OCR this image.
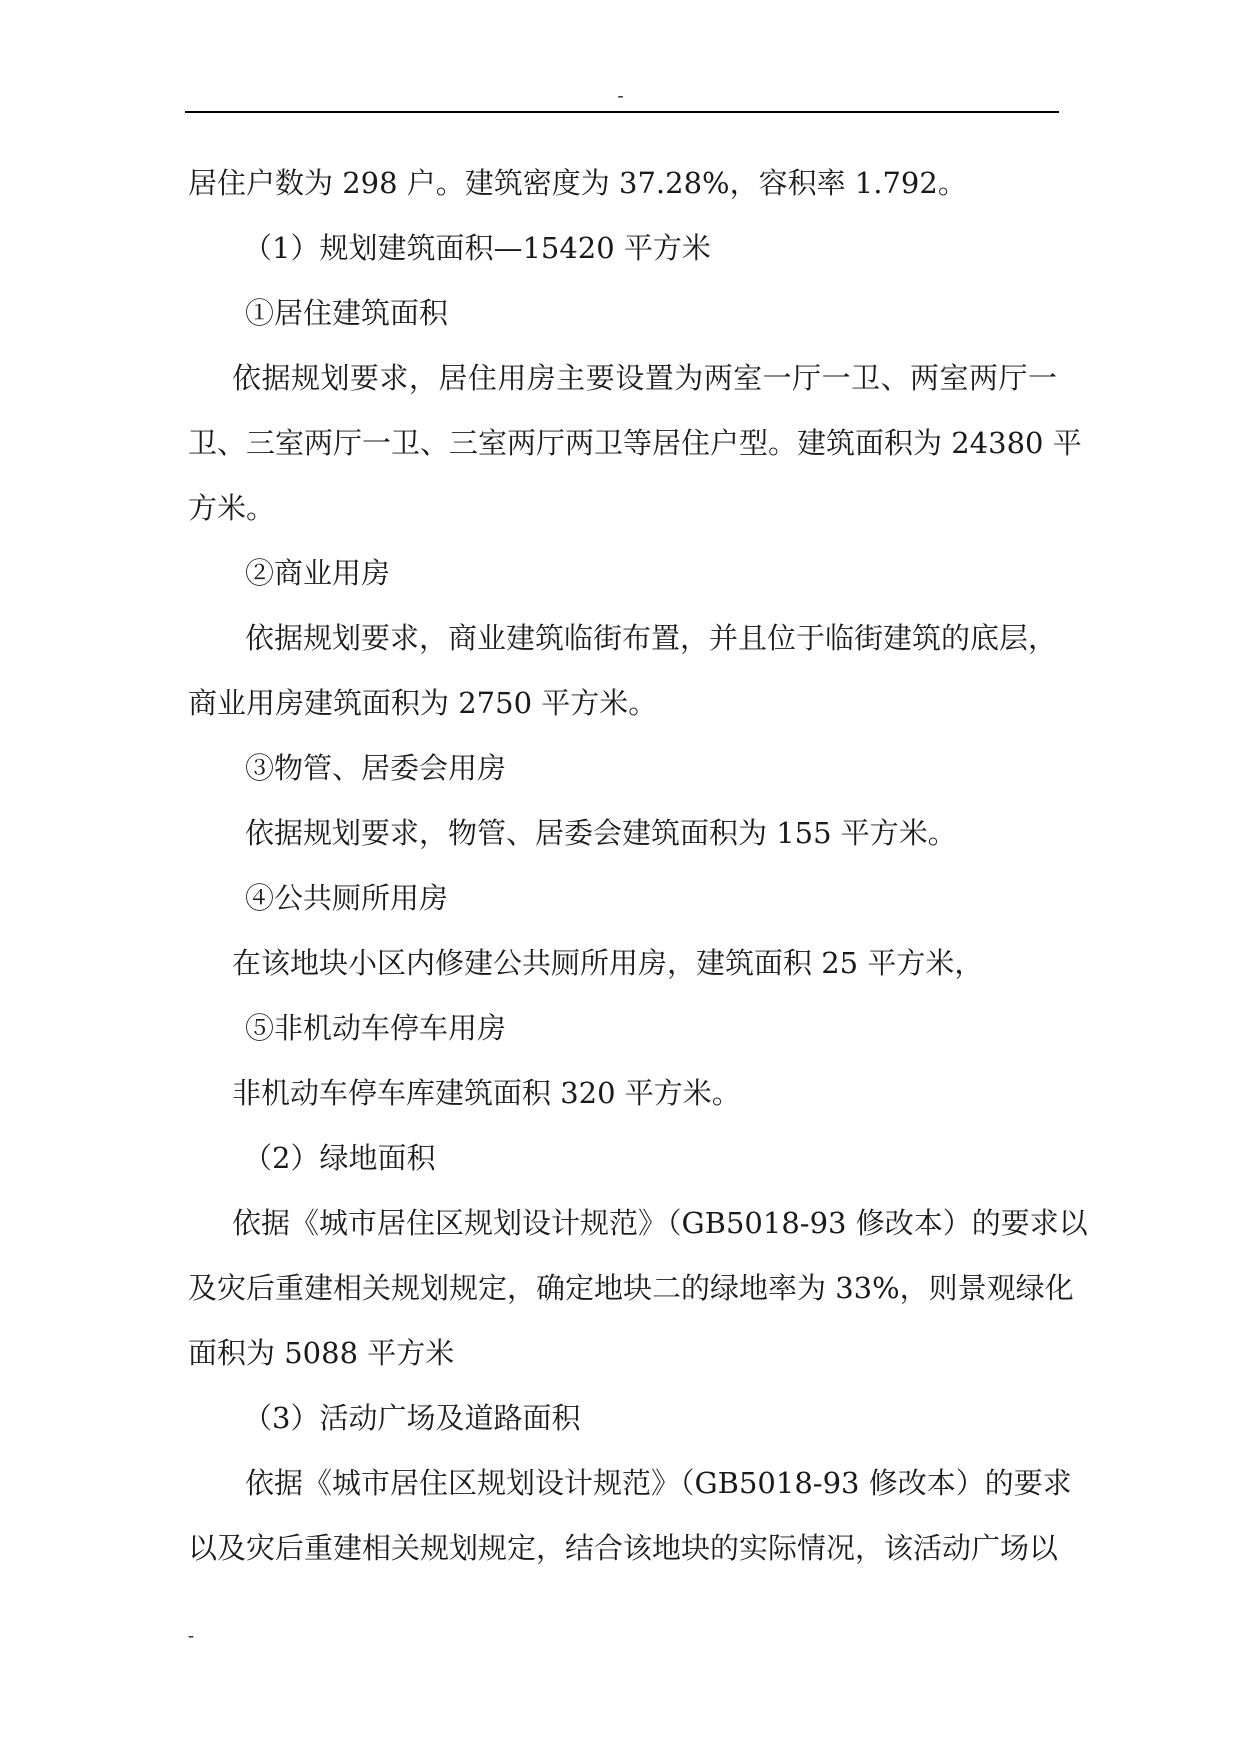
-
居住户数为 298 户。建筑密度为 37.28%，容积率 1.792。
（1）规划建筑面积—15420 平方米
①居住建筑面积
依据规划要求，居住用房主要设置为两室一厅一卫、两室两厅一
卫、三室两厅一卫、三室两厅两卫等居住户型。建筑面积为 24380 平
方米。
②商业用房
依据规划要求，商业建筑临街布置，并且位于临街建筑的底层，
商业用房建筑面积为 2750 平方米。
③物管、居委会用房
依据规划要求，物管、居委会建筑面积为 155 平方米。
④公共厕所用房
在该地块小区内修建公共厕所用房，建筑面积 25 平方米，
⑤非机动车停车用房
非机动车停车库建筑面积 320 平方米。
（2）绿地面积
依据《城市居住区规划设计规范》（GB5018-93 修改本）的要求以
及灾后重建相关规划规定，确定地块二的绿地率为 33%，则景观绿化
面积为 5088 平方米
（3）活动广场及道路面积
依据《城市居住区规划设计规范》（GB5018-93 修改本）的要求
以及灾后重建相关规划规定，结合该地块的实际情况，该活动广场以
-
